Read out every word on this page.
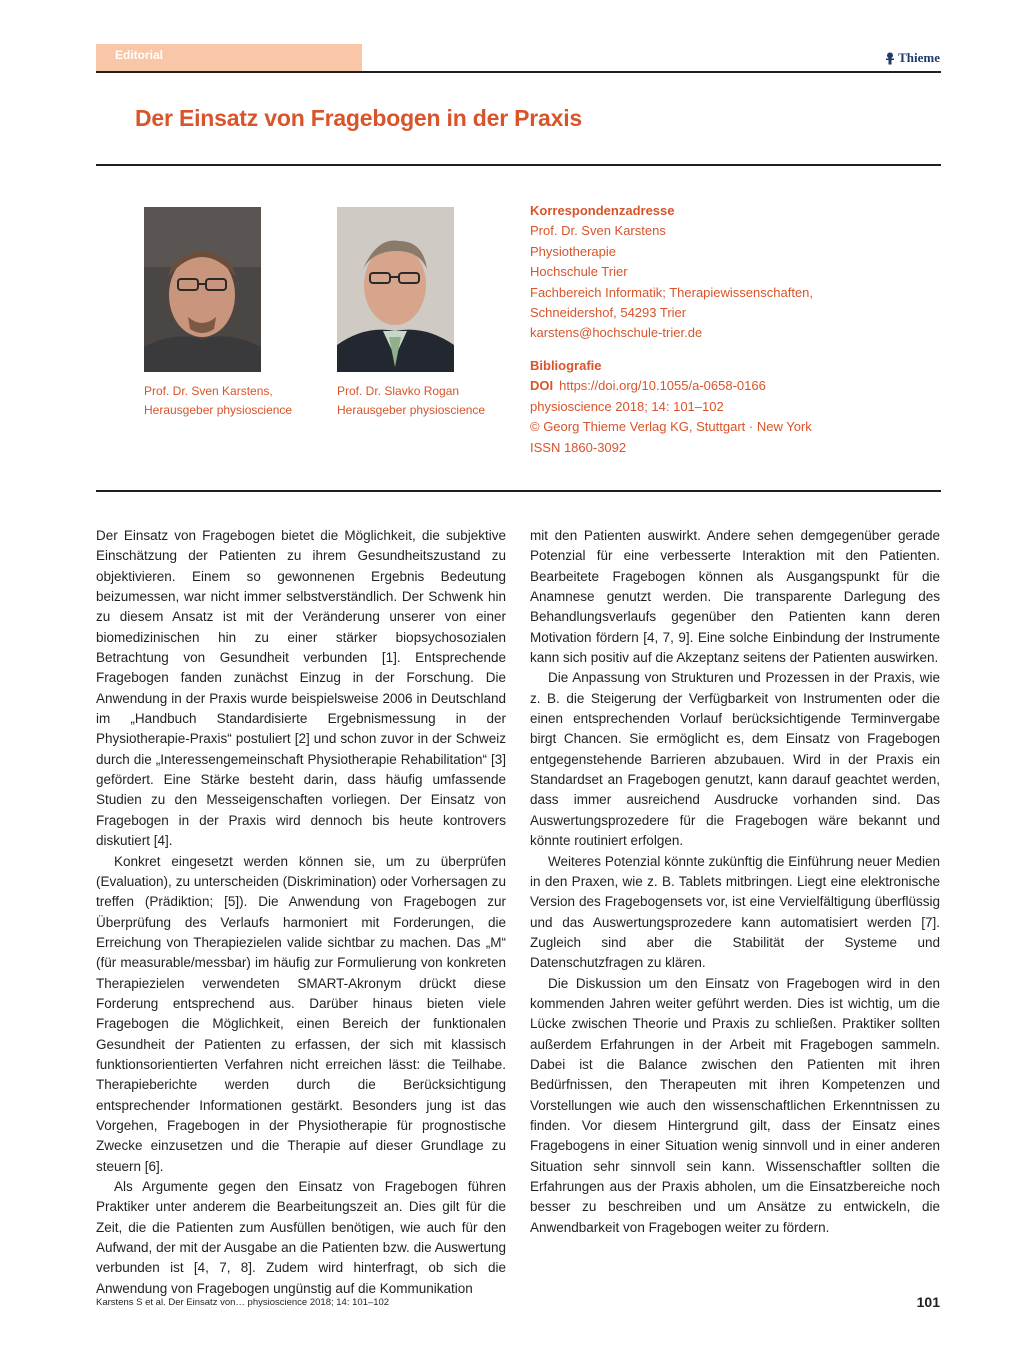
Editorial	Thieme
Der Einsatz von Fragebogen in der Praxis
Prof. Dr. Sven Karstens,
Herausgeber physioscience
Prof. Dr. Slavko Rogan
Herausgeber physioscience
Korrespondenzadresse
Prof. Dr. Sven Karstens
Physiotherapie
Hochschule Trier
Fachbereich Informatik; Therapiewissenschaften,
Schneidershof, 54293 Trier
karstens@hochschule-trier.de
Bibliografie
DOI https://doi.org/10.1055/a-0658-0166
physioscience 2018; 14: 101–102
© Georg Thieme Verlag KG, Stuttgart · New York
ISSN 1860-3092

Der Einsatz von Fragebogen bietet die Möglichkeit, die subjektive Einschätzung der Patienten zu ihrem Gesundheitszustand zu objektivieren. Einem so gewonnenen Ergebnis Bedeutung beizumessen, war nicht immer selbstverständlich. Der Schwenk hin zu diesem Ansatz ist mit der Veränderung unserer von einer biomedizinischen hin zu einer stärker biopsychosozialen Betrachtung von Gesundheit verbunden [1]. Entsprechende Fragebogen fanden zunächst Einzug in der Forschung. Die Anwendung in der Praxis wurde beispielsweise 2006 in Deutschland im „Handbuch Standardisierte Ergebnismessung in der Physiotherapie-Praxis“ postuliert [2] und schon zuvor in der Schweiz durch die „Interessengemeinschaft Physiotherapie Rehabilitation“ [3] gefördert. Eine Stärke besteht darin, dass häufig umfassende Studien zu den Messeigenschaften vorliegen. Der Einsatz von Fragebogen in der Praxis wird dennoch bis heute kontrovers diskutiert [4].

Konkret eingesetzt werden können sie, um zu überprüfen (Evaluation), zu unterscheiden (Diskrimination) oder Vorhersagen zu treffen (Prädiktion; [5]). Die Anwendung von Fragebogen zur Überprüfung des Verlaufs harmoniert mit Forderungen, die Erreichung von Therapiezielen valide sichtbar zu machen. Das „M“ (für measurable/messbar) im häufig zur Formulierung von konkreten Therapiezielen verwendeten SMART-Akronym drückt diese Forderung entsprechend aus. Darüber hinaus bieten viele Fragebogen die Möglichkeit, einen Bereich der funktionalen Gesundheit der Patienten zu erfassen, der sich mit klassisch funktionsorientierten Verfahren nicht erreichen lässt: die Teilhabe. Therapieberichte werden durch die Berücksichtigung entsprechender Informationen gestärkt. Besonders jung ist das Vorgehen, Fragebogen in der Physiotherapie für prognostische Zwecke einzusetzen und die Therapie auf dieser Grundlage zu steuern [6].

Als Argumente gegen den Einsatz von Fragebogen führen Praktiker unter anderem die Bearbeitungszeit an. Dies gilt für die Zeit, die die Patienten zum Ausfüllen benötigen, wie auch für den Aufwand, der mit der Ausgabe an die Patienten bzw. die Auswertung verbunden ist [4, 7, 8]. Zudem wird hinterfragt, ob sich die Anwendung von Fragebogen ungünstig auf die Kommunikation

mit den Patienten auswirkt. Andere sehen demgegenüber gerade Potenzial für eine verbesserte Interaktion mit den Patienten. Bearbeitete Fragebogen können als Ausgangspunkt für die Anamnese genutzt werden. Die transparente Darlegung des Behandlungsverlaufs gegenüber den Patienten kann deren Motivation fördern [4, 7, 9]. Eine solche Einbindung der Instrumente kann sich positiv auf die Akzeptanz seitens der Patienten auswirken.

Die Anpassung von Strukturen und Prozessen in der Praxis, wie z. B. die Steigerung der Verfügbarkeit von Instrumenten oder die einen entsprechenden Vorlauf berücksichtigende Terminvergabe birgt Chancen. Sie ermöglicht es, dem Einsatz von Fragebogen entgegenstehende Barrieren abzubauen. Wird in der Praxis ein Standardset an Fragebogen genutzt, kann darauf geachtet werden, dass immer ausreichend Ausdrucke vorhanden sind. Das Auswertungsprozedere für die Fragebogen wäre bekannt und könnte routiniert erfolgen.

Weiteres Potenzial könnte zukünftig die Einführung neuer Medien in den Praxen, wie z. B. Tablets mitbringen. Liegt eine elektronische Version des Fragebogensets vor, ist eine Vervielfältigung überflüssig und das Auswertungsprozedere kann automatisiert werden [7]. Zugleich sind aber die Stabilität der Systeme und Datenschutzfragen zu klären.

Die Diskussion um den Einsatz von Fragebogen wird in den kommenden Jahren weiter geführt werden. Dies ist wichtig, um die Lücke zwischen Theorie und Praxis zu schließen. Praktiker sollten außerdem Erfahrungen in der Arbeit mit Fragebogen sammeln. Dabei ist die Balance zwischen den Patienten mit ihren Bedürfnissen, den Therapeuten mit ihren Kompetenzen und Vorstellungen wie auch den wissenschaftlichen Erkenntnissen zu finden. Vor diesem Hintergrund gilt, dass der Einsatz eines Fragebogens in einer Situation wenig sinnvoll und in einer anderen Situation sehr sinnvoll sein kann. Wissenschaftler sollten die Erfahrungen aus der Praxis abholen, um die Einsatzbereiche noch besser zu beschreiben und um Ansätze zu entwickeln, die Anwendbarkeit von Fragebogen weiter zu fördern.

Karstens S et al. Der Einsatz von… physioscience 2018; 14: 101–102	101
